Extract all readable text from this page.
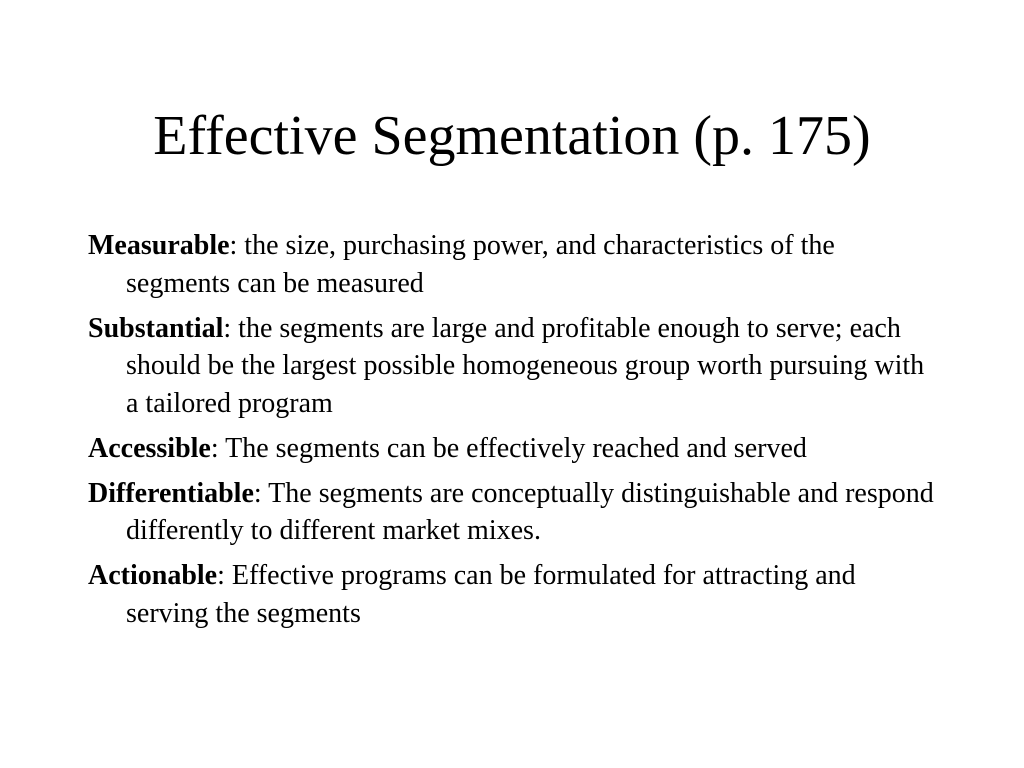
Effective Segmentation (p. 175)
Measurable: the size, purchasing power, and characteristics of the segments can be measured
Substantial: the segments are large and profitable enough to serve; each should be the largest possible homogeneous group worth pursuing with a tailored program
Accessible: The segments can be effectively reached and served
Differentiable: The segments are conceptually distinguishable and respond differently to different market mixes.
Actionable: Effective programs can be formulated for attracting and serving the segments
